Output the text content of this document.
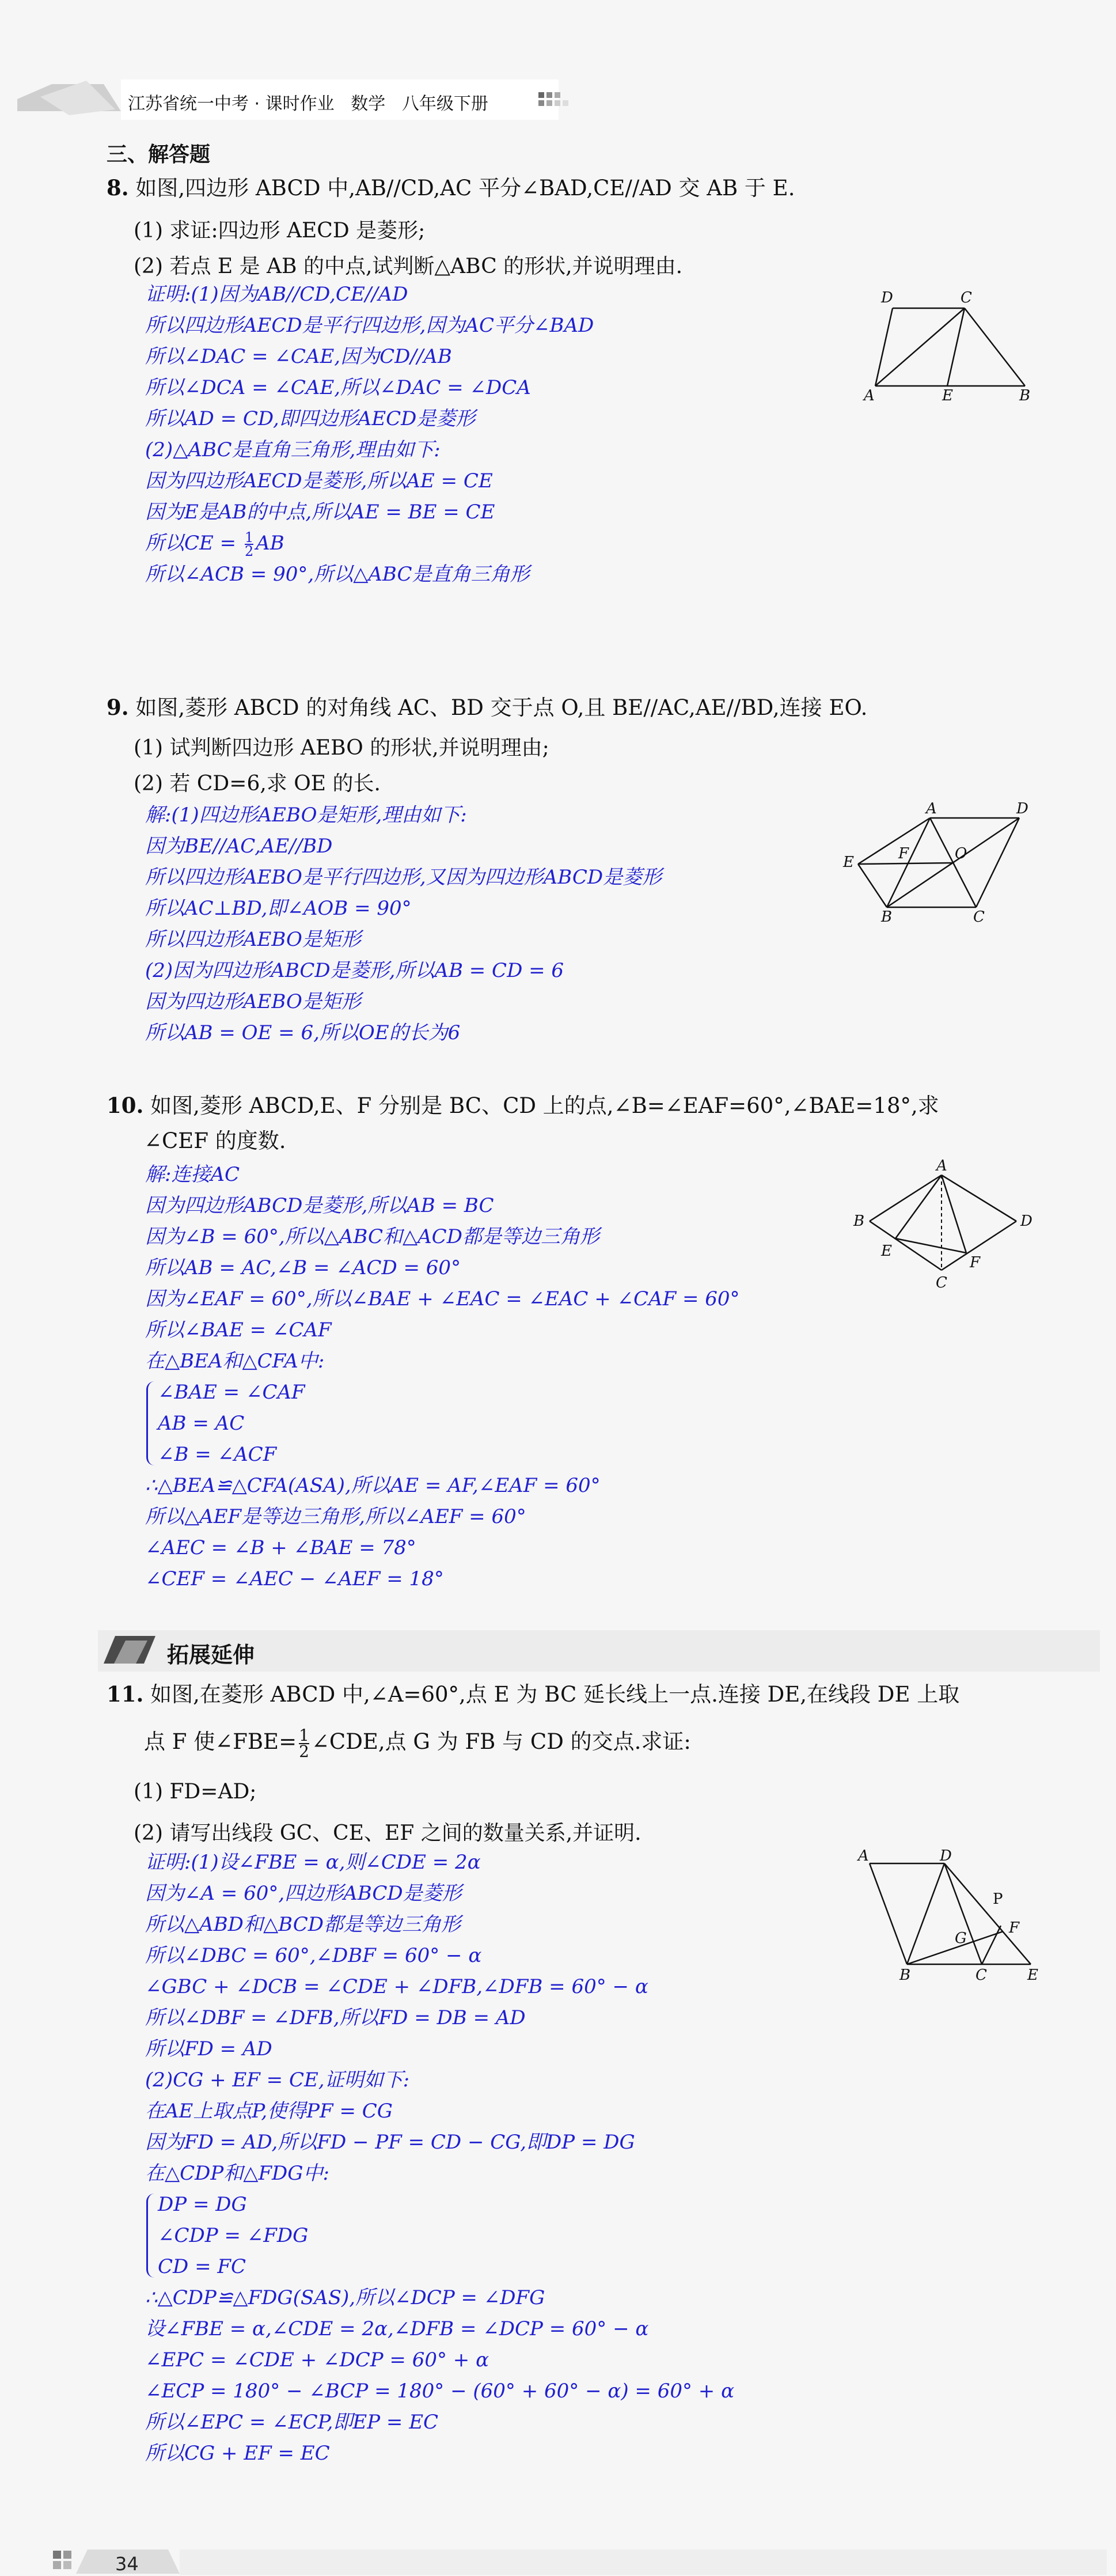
江苏省统一中考 · 课时作业   数学   八年级下册
三、解答题
8. 如图,四边形 ABCD 中,AB//CD,AC 平分∠BAD,CE//AD 交 AB 于 E.
(1) 求证:四边形 AECD 是菱形;
(2) 若点 E 是 AB 的中点,试判断△ABC 的形状,并说明理由.
证明:(1)因为AB//CD,CE//AD
所以四边形AECD是平行四边形,因为AC平分∠BAD
所以∠DAC = ∠CAE,因为CD//AB
所以∠DCA = ∠CAE,所以∠DAC = ∠DCA
所以AD = CD,即四边形AECD是菱形
(2)△ABC是直角三角形,理由如下:
因为四边形AECD是菱形,所以AE = CE
因为E是AB的中点,所以AE = BE = CE
所以CE = $\frac{1}{2}$ AB
所以∠ACB = 90°,所以△ABC是直角三角形
A	B
C
D
E
9. 如图,菱形 ABCD 的对角线 AC、BD 交于点 O,且 BE//AC,AE//BD,连接 EO.
(1) 试判断四边形 AEBO 的形状,并说明理由;
(2) 若 CD=6,求 OE 的长.
解:(1)四边形AEBO是矩形,理由如下:
因为BE//AC,AE//BD
所以四边形AEBO是平行四边形,又因为四边形ABCD是菱形
所以AC⊥BD,即∠AOB = 90°
所以四边形AEBO是矩形
(2)因为四边形ABCD是菱形,所以AB = CD = 6
因为四边形AEBO是矩形
所以AB = OE = 6,所以OE的长为6
A
B	C
D
E	F	O
10. 如图,菱形 ABCD,E、F 分别是 BC、CD 上的点,∠B=∠EAF=60°,∠BAE=18°,求
∠CEF 的度数.
解:连接AC
因为四边形ABCD是菱形,所以AB = BC
因为∠B = 60°,所以△ABC和△ACD都是等边三角形
所以AB = AC,∠B = ∠ACD = 60°
因为∠EAF = 60°,所以∠BAE + ∠EAC = ∠EAC + ∠CAF = 60°
所以∠BAE = ∠CAF
在△BEA和△CFA中:
∠BAE = ∠CAF
AB = AC
∠B = ∠ACF
∴△BEA≌△CFA(ASA),所以AE = AF,∠EAF = 60°
所以△AEF是等边三角形,所以∠AEF = 60°
∠AEC = ∠B + ∠BAE = 78°
∠CEF = ∠AEC − ∠AEF = 18°
A
B
C
D
E
F
拓展延伸
11. 如图,在菱形 ABCD 中,∠A=60°,点 E 为 BC 延长线上一点.连接 DE,在线段 DE 上取
点 F 使∠FBE= $\frac{1}{2}$ ∠CDE,点 G 为 FB 与 CD 的交点.求证:
(1) FD=AD;
(2) 请写出线段 GC、CE、EF 之间的数量关系,并证明.
证明:(1)设∠FBE = α,则∠CDE = 2α
因为∠A = 60°,四边形ABCD是菱形
所以△ABD和△BCD都是等边三角形
所以∠DBC = 60°,∠DBF = 60° − α
∠GBC + ∠DCB = ∠CDE + ∠DFB,∠DFB = 60° − α
所以∠DBF = ∠DFB,所以FD = DB = AD
所以FD = AD
(2)CG + EF = CE,证明如下:
在AE上取点P,使得PF = CG
因为FD = AD,所以FD − PF = CD − CG,即DP = DG
在△CDP和△FDG中:
DP = DG
∠CDP = ∠FDG
CD = FC
∴△CDP≌△FDG(SAS),所以∠DCP = ∠DFG
设∠FBE = α,∠CDE = 2α,∠DFB = ∠DCP = 60° − α
∠EPC = ∠CDE + ∠DCP = 60° + α
∠ECP = 180° − ∠BCP = 180° − (60° + 60° − α) = 60° + α
所以∠EPC = ∠ECP,即EP = EC
所以CG + EF = EC
A
B	C
D
E
F
G
P
34
